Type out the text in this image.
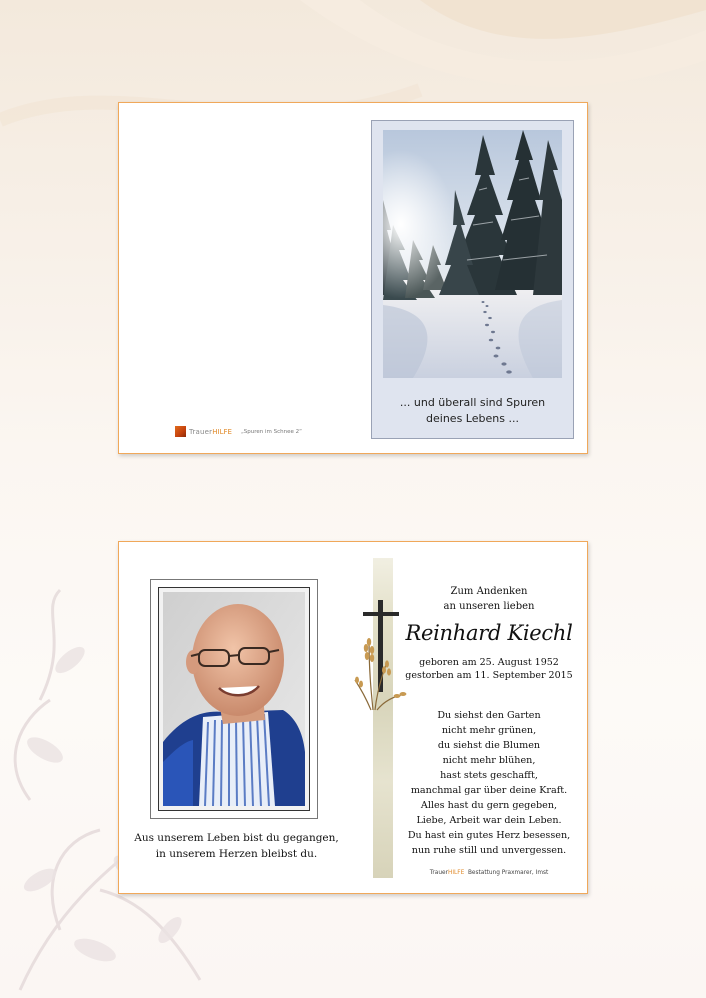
... und überall sind Spuren
deines Lebens ...
Trauer HILFE „Spuren im Schnee 2“
Aus unserem Leben bist du gegangen,
in unserem Herzen bleibst du.
Zum Andenken
an unseren lieben
Reinhard Kiechl
geboren am 25. August 1952
gestorben am 11. September 2015
Du siehst den Garten
nicht mehr grünen,
du siehst die Blumen
nicht mehr blühen,
hast stets geschafft,
manchmal gar über deine Kraft.
Alles hast du gern gegeben,
Liebe, Arbeit war dein Leben.
Du hast ein gutes Herz besessen,
nun ruhe still und unvergessen.
TrauerHILFE Bestattung Praxmarer, Imst
